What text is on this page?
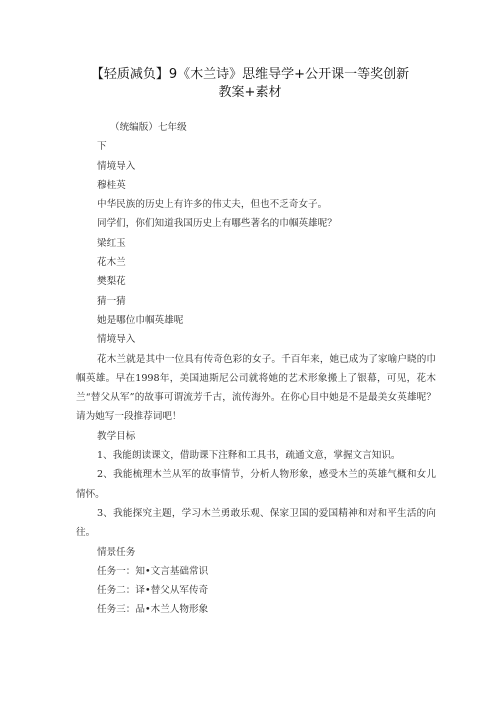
【轻质减负】9《木兰诗》思维导学+公开课一等奖创新教案+素材

（统编版）七年级

下

情境导入

穆桂英

中华民族的历史上有许多的伟丈夫，但也不乏奇女子。

同学们，你们知道我国历史上有哪些著名的巾帼英雄呢？

梁红玉

花木兰

樊梨花

猜一猜

她是哪位巾帼英雄呢

情境导入

花木兰就是其中一位具有传奇色彩的女子。千百年来，她已成为了家喻户晓的巾帼英雄。早在1998年，美国迪斯尼公司就将她的艺术形象搬上了银幕，可见，花木兰“替父从军”的故事可谓流芳千古，流传海外。在你心目中她是不是最美女英雄呢？请为她写一段推荐词吧！

教学目标

1、我能朗读课文，借助课下注释和工具书，疏通文意，掌握文言知识。

2、我能梳理木兰从军的故事情节，分析人物形象，感受木兰的英雄气概和女儿情怀。

3、我能探究主题，学习木兰勇敢乐观、保家卫国的爱国精神和对和平生活的向往。

情景任务

任务一：知•文言基础常识

任务二：译•替父从军传奇

任务三：品•木兰人物形象
